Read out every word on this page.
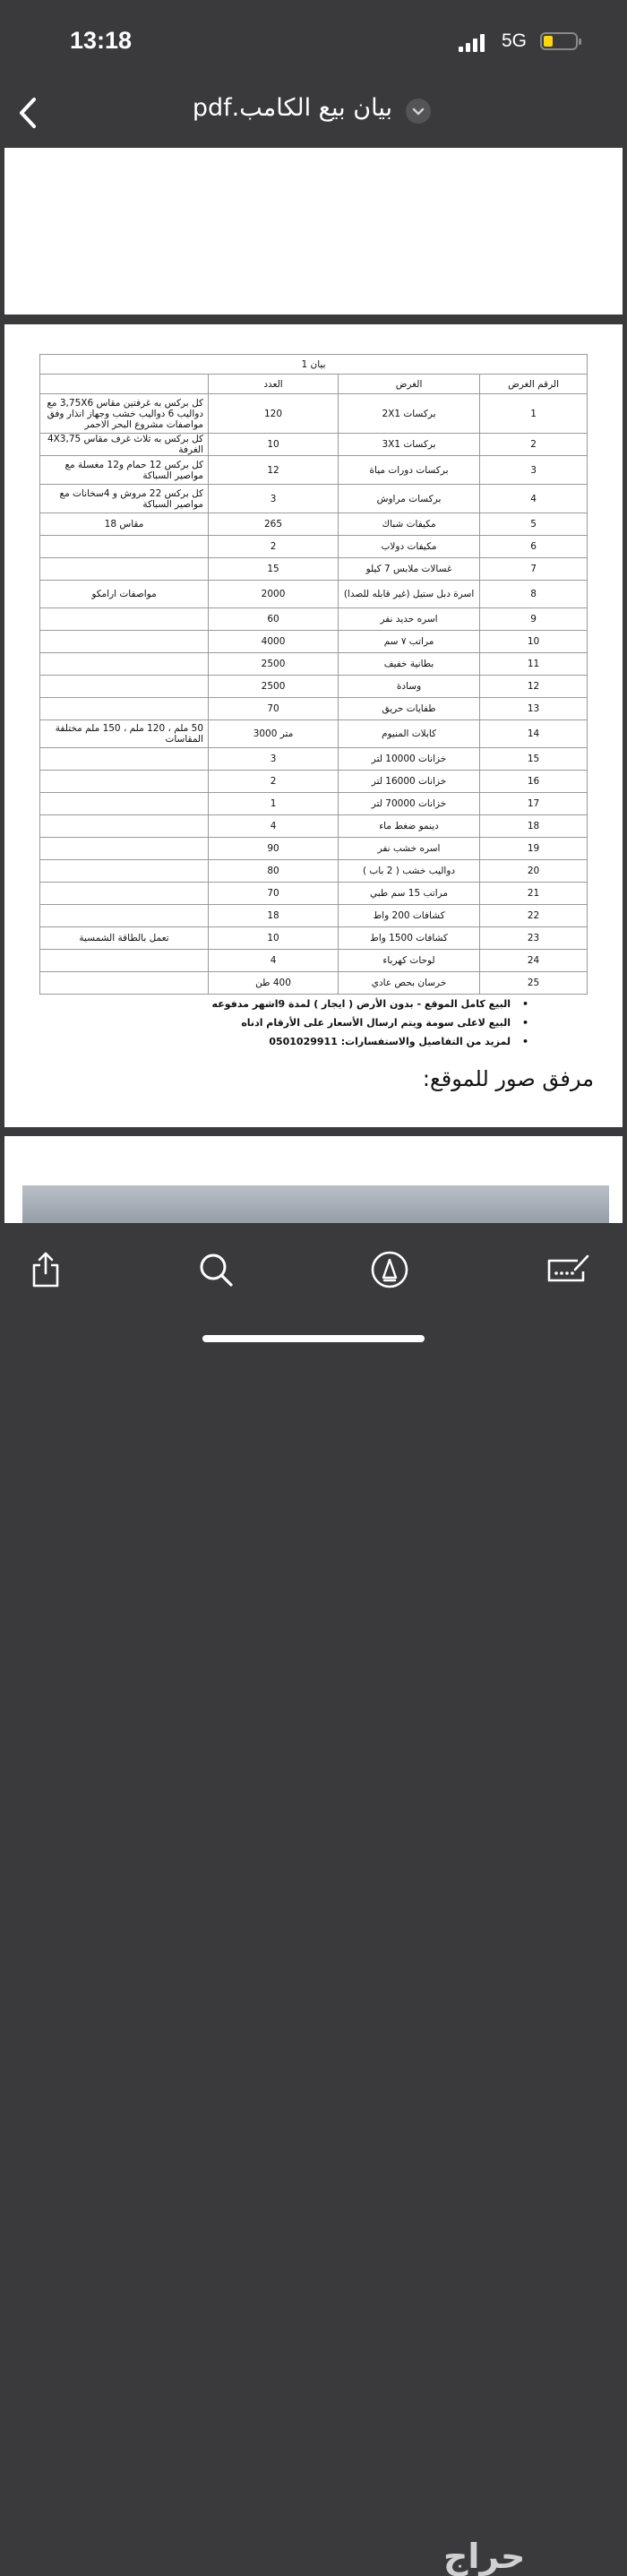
13:18	5G
بيان بيع الكامب.pdf
بيان 1			
الرقم الغرض	الغرض	العدد	
1	بركسات 2X1	120	كل بركس به غرفتين مقاس 3,75X6 مع دواليب 6 دواليب خشب وجهاز انذار وفق مواصفات مشروع البحر الاحمر
2	بركسات 3X1	10	كل بركس به ثلاث غرف مقاس 4X3,75 الغرفة
3	بركسات دورات مياة	12	كل بركس 12 حمام و12 مغسلة مع مواصير السباكة
4	بركسات مراوش	3	كل بركس 22 مروش و 4سخانات مع مواصير السباكة
5	مكيفات شباك	265	مقاس 18
6	مكيفات دولاب	2	
7	غسالات ملابس 7 كيلو	15	
8	اسرة دبل ستيل (غير قابله للصدا)	2000	مواصفات ارامكو
9	اسره حديد نفر	60	
10	مراتب ٧ سم	4000	
11	بطانية خفيف	2500	
12	وسادة	2500	
13	طفايات حريق	70	
14	كابلات المنيوم	متر 3000	50 ملم ، 120 ملم ، 150 ملم مختلفة المقاسات
15	خزانات 10000 لتر	3	
16	خزانات 16000 لتر	2	
17	خزانات 70000 لتر	1	
18	دينمو ضغط ماء	4	
19	اسره خشب نفر	90	
20	دواليب خشب ( 2 باب )	80	
21	مراتب 15 سم طبي	70	
22	كشافات 200 واط	18	
23	كشافات 1500 واط	10	تعمل بالطاقة الشمسية
24	لوحات كهرباء	4	
25	خرسان بحص عادي	400 طن	
• البيع كامل الموقع - بدون الأرض ( ايجار ) لمدة 9اشهر مدفوعه
• البيع لاعلى سومة ويتم ارسال الأسعار على الأرقام ادناه
• لمزيد من التفاصيل والاستفسارات: 0501029911
مرفق صور للموقع:
حراج
